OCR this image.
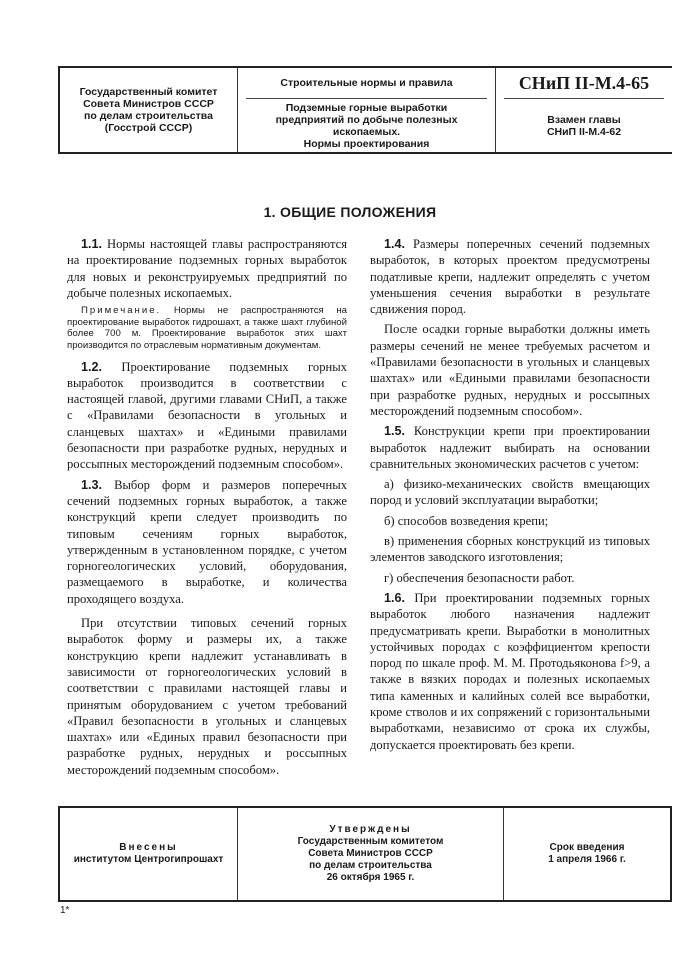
Государственный комитет
Совета Министров СССР
по делам строительства
(Госстрой СССР)
Строительные нормы и правила
Подземные горные выработки
предприятий по добыче полезных
ископаемых.
Нормы проектирования
СНиП II-М.4-65
Взамен главы
СНиП II-М.4-62
1. ОБЩИЕ ПОЛОЖЕНИЯ

1.1. Нормы настоящей главы распространяются на проектирование подземных горных выработок для новых и реконструируемых предприятий по добыче полезных ископаемых.

Примечание. Нормы не распространяются на проектирование выработок гидрошахт, а также шахт глубиной более 700 м. Проектирование выработок этих шахт производится по отраслевым нормативным документам.

1.2. Проектирование подземных горных выработок производится в соответствии с настоящей главой, другими главами СНиП, а также с «Правилами безопасности в угольных и сланцевых шахтах» и «Едиными правилами безопасности при разработке рудных, нерудных и россыпных месторождений подземным способом».

1.3. Выбор форм и размеров поперечных сечений подземных горных выработок, а также конструкций крепи следует производить по типовым сечениям горных выработок, утвержденным в установленном порядке, с учетом горногеологических условий, оборудования, размещаемого в выработке, и количества проходящего воздуха.

При отсутствии типовых сечений горных выработок форму и размеры их, а также конструкцию крепи надлежит устанавливать в зависимости от горногеологических условий в соответствии с правилами настоящей главы и принятым оборудованием с учетом требований «Правил безопасности в угольных и сланцевых шахтах» или «Единых правил безопасности при разработке рудных, нерудных и россыпных месторождений подземным способом».

1.4. Размеры поперечных сечений подземных выработок, в которых проектом предусмотрены податливые крепи, надлежит определять с учетом уменьшения сечения выработки в результате сдвижения пород.

После осадки горные выработки должны иметь размеры сечений не менее требуемых расчетом и «Правилами безопасности в угольных и сланцевых шахтах» или «Едиными правилами безопасности при разработке рудных, нерудных и россыпных месторождений подземным способом».

1.5. Конструкции крепи при проектировании выработок надлежит выбирать на основании сравнительных экономических расчетов с учетом:

а) физико-механических свойств вмещающих пород и условий эксплуатации выработки;

б) способов возведения крепи;

в) применения сборных конструкций из типовых элементов заводского изготовления;

г) обеспечения безопасности работ.

1.6. При проектировании подземных горных выработок любого назначения надлежит предусматривать крепи. Выработки в монолитных устойчивых породах с коэффициентом крепости пород по шкале проф. М. М. Протодьяконова f>9, а также в вязких породах и полезных ископаемых типа каменных и калийных солей все выработки, кроме стволов и их сопряжений с горизонтальными выработками, независимо от срока их службы, допускается проектировать без крепи.

Внесены
институтом Центрогипрошахт
Утверждены
Государственным комитетом
Совета Министров СССР
по делам строительства
26 октября 1965 г.
Срок введения
1 апреля 1966 г.
1*
